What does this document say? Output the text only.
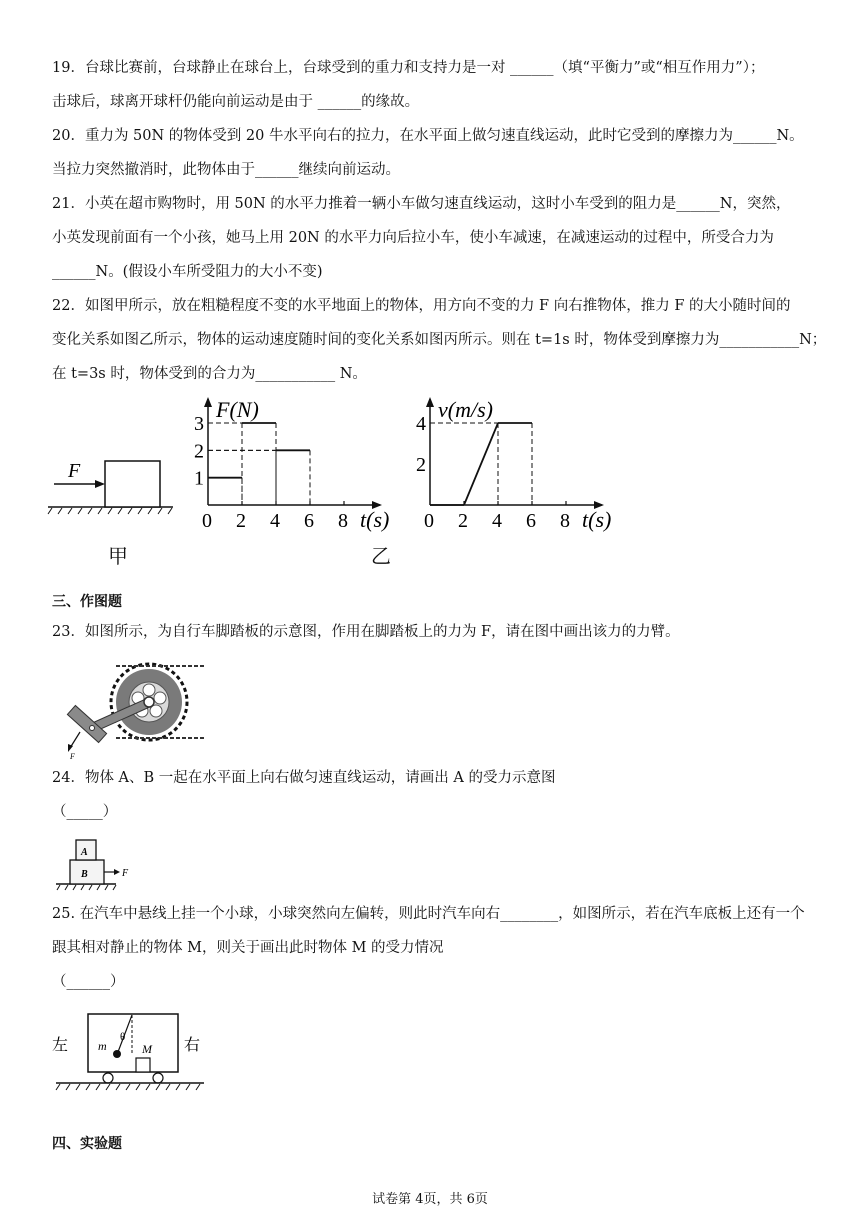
19．台球比赛前，台球静止在球台上，台球受到的重力和支持力是一对 ______（填“平衡力”或“相互作用力”）；
击球后，球离开球杆仍能向前运动是由于 ______的缘故。
20．重力为 50N 的物体受到 20 牛水平向右的拉力，在水平面上做匀速直线运动，此时它受到的摩擦力为______N。
当拉力突然撤消时，此物体由于______继续向前运动。
21．小英在超市购物时，用 50N 的水平力推着一辆小车做匀速直线运动，这时小车受到的阻力是______N，突然，
小英发现前面有一个小孩，她马上用 20N 的水平力向后拉小车，使小车减速，在减速运动的过程中，所受合力为
______N。(假设小车所受阻力的大小不变)
22．如图甲所示，放在粗糙程度不变的水平地面上的物体，用方向不变的力 F 向右推物体，推力 F 的大小随时间的
变化关系如图乙所示，物体的运动速度随时间的变化关系如图丙所示。则在 t=1s 时，物体受到摩擦力为___________N；
在 t=3s 时，物体受到的合力为___________ N。
F
甲
F(N)
t(s)
0 2 4 6 8
1
2
3
v(m/s)
t(s)
0 2 4 6 8
2
4
乙
三、作图题
23．如图所示，为自行车脚踏板的示意图，作用在脚踏板上的力为 F，请在图中画出该力的力臂。
F
24．物体 A、B 一起在水平面上向右做匀速直线运动，请画出 A 的受力示意图
（_____）
A
B	F
25. 在汽车中悬线上挂一个小球，小球突然向左偏转，则此时汽车向右________，如图所示，若在汽车底板上还有一个
跟其相对静止的物体 M，则关于画出此时物体 M 的受力情况
（______）
左	右
m
θ
M
四、实验题
试卷第 4页，共 6页
